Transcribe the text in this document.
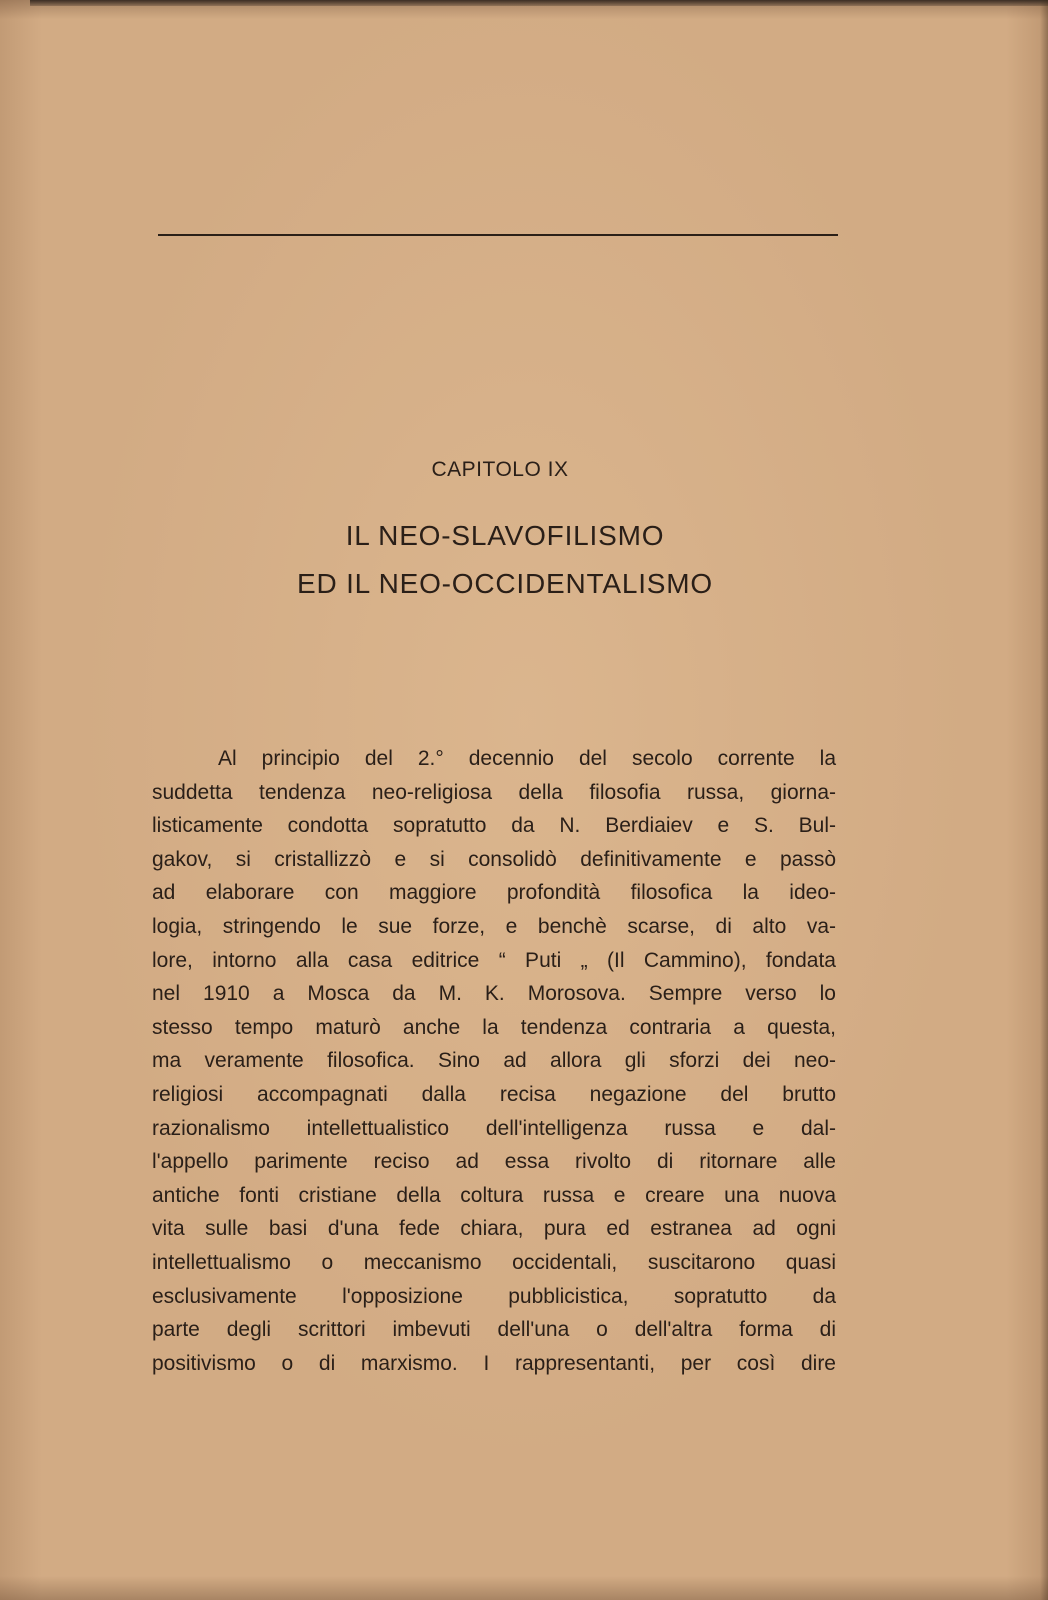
CAPITOLO IX
IL NEO-SLAVOFILISMO
ED IL NEO-OCCIDENTALISMO
Al principio del 2.° decennio del secolo corrente la
suddetta tendenza neo-religiosa della filosofia russa, giorna-
listicamente condotta sopratutto da N. Berdiaiev e S. Bul-
gakov, si cristallizzò e si consolidò definitivamente e passò
ad elaborare con maggiore profondità filosofica la ideo-
logia, stringendo le sue forze, e benchè scarse, di alto va-
lore, intorno alla casa editrice “ Puti „ (Il Cammino), fondata
nel 1910 a Mosca da M. K. Morosova. Sempre verso lo
stesso tempo maturò anche la tendenza contraria a questa,
ma veramente filosofica. Sino ad allora gli sforzi dei neo-
religiosi accompagnati dalla recisa negazione del brutto
razionalismo intellettualistico dell'intelligenza russa e dal-
l'appello parimente reciso ad essa rivolto di ritornare alle
antiche fonti cristiane della coltura russa e creare una nuova
vita sulle basi d'una fede chiara, pura ed estranea ad ogni
intellettualismo o meccanismo occidentali, suscitarono quasi
esclusivamente l'opposizione pubblicistica, sopratutto da
parte degli scrittori imbevuti dell'una o dell'altra forma di
positivismo o di marxismo. I rappresentanti, per così dire
